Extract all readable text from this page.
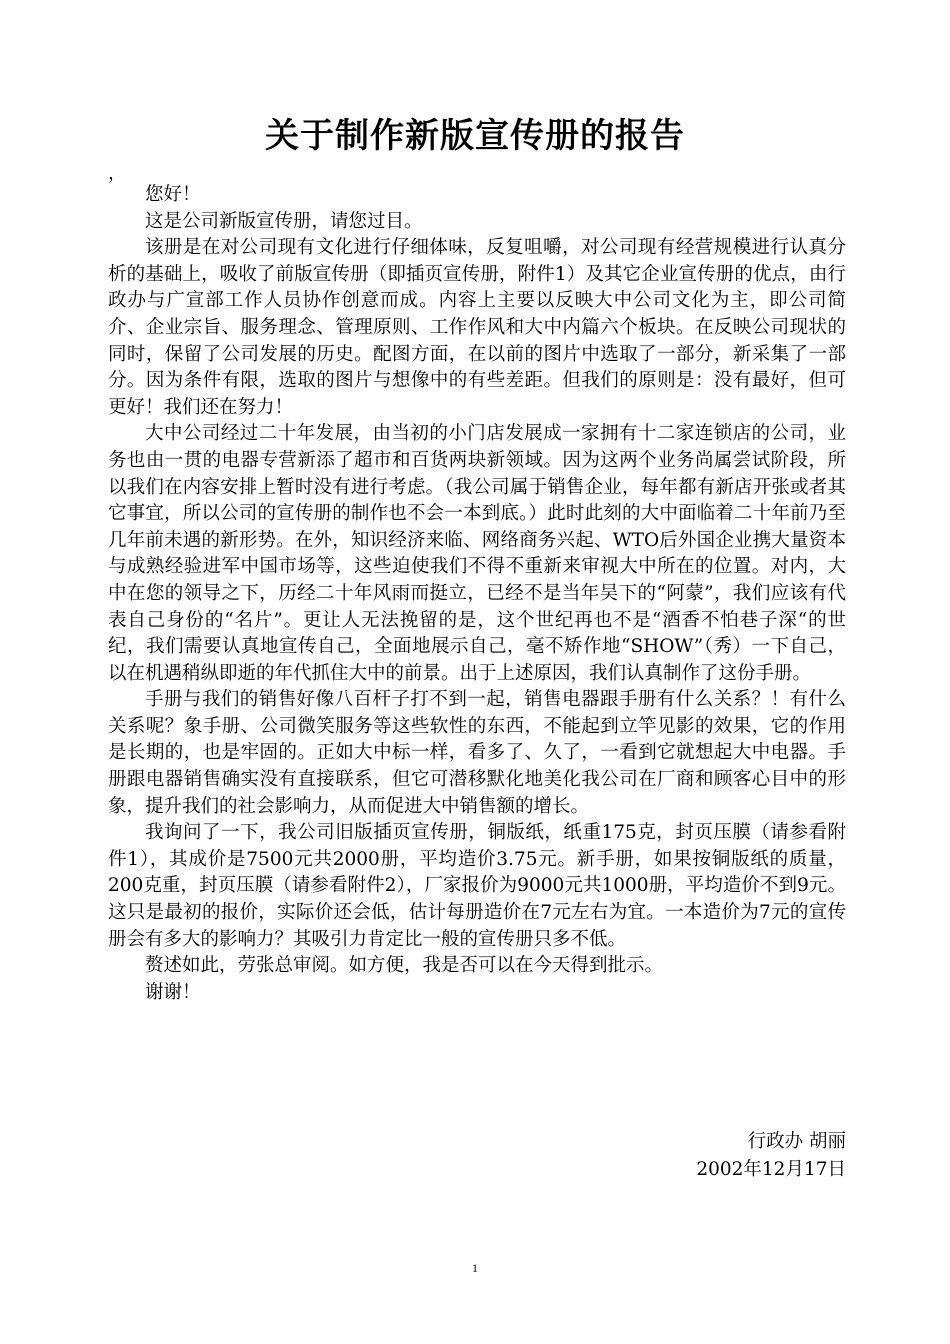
关于制作新版宣传册的报告
，

您好！

这是公司新版宣传册，请您过目。

该册是在对公司现有文化进行仔细体味，反复咀嚼，对公司现有经营规模进行认真分析的基础上，吸收了前版宣传册（即插页宣传册，附件1）及其它企业宣传册的优点，由行政办与广宣部工作人员协作创意而成。内容上主要以反映大中公司文化为主，即公司简介、企业宗旨、服务理念、管理原则、工作作风和大中内篇六个板块。在反映公司现状的同时，保留了公司发展的历史。配图方面，在以前的图片中选取了一部分，新采集了一部分。因为条件有限，选取的图片与想像中的有些差距。但我们的原则是：没有最好，但可更好！我们还在努力！

大中公司经过二十年发展，由当初的小门店发展成一家拥有十二家连锁店的公司，业务也由一贯的电器专营新添了超市和百货两块新领域。因为这两个业务尚属尝试阶段，所以我们在内容安排上暂时没有进行考虑。（我公司属于销售企业，每年都有新店开张或者其它事宜，所以公司的宣传册的制作也不会一本到底。）此时此刻的大中面临着二十年前乃至几年前未遇的新形势。在外，知识经济来临、网络商务兴起、WTO后外国企业携大量资本与成熟经验进军中国市场等，这些迫使我们不得不重新来审视大中所在的位置。对内，大中在您的领导之下，历经二十年风雨而挺立，已经不是当年吴下的“阿蒙”，我们应该有代表自己身份的“名片”。更让人无法挽留的是，这个世纪再也不是“酒香不怕巷子深“的世纪，我们需要认真地宣传自己，全面地展示自己，毫不矫作地“SHOW”（秀）一下自己，以在机遇稍纵即逝的年代抓住大中的前景。出于上述原因，我们认真制作了这份手册。

手册与我们的销售好像八百杆子打不到一起，销售电器跟手册有什么关系？！有什么关系呢？象手册、公司微笑服务等这些软性的东西，不能起到立竿见影的效果，它的作用是长期的，也是牢固的。正如大中标一样，看多了、久了，一看到它就想起大中电器。手册跟电器销售确实没有直接联系，但它可潜移默化地美化我公司在厂商和顾客心目中的形象，提升我们的社会影响力，从而促进大中销售额的增长。

我询问了一下，我公司旧版插页宣传册，铜版纸，纸重175克，封页压膜（请参看附件1），其成价是7500元共2000册，平均造价3.75元。新手册，如果按铜版纸的质量，200克重，封页压膜（请参看附件2），厂家报价为9000元共1000册，平均造价不到9元。这只是最初的报价，实际价还会低，估计每册造价在7元左右为宜。一本造价为7元的宣传册会有多大的影响力？其吸引力肯定比一般的宣传册只多不低。

赘述如此，劳张总审阅。如方便，我是否可以在今天得到批示。

谢谢！

行政办 胡丽
2002年12月17日
1
